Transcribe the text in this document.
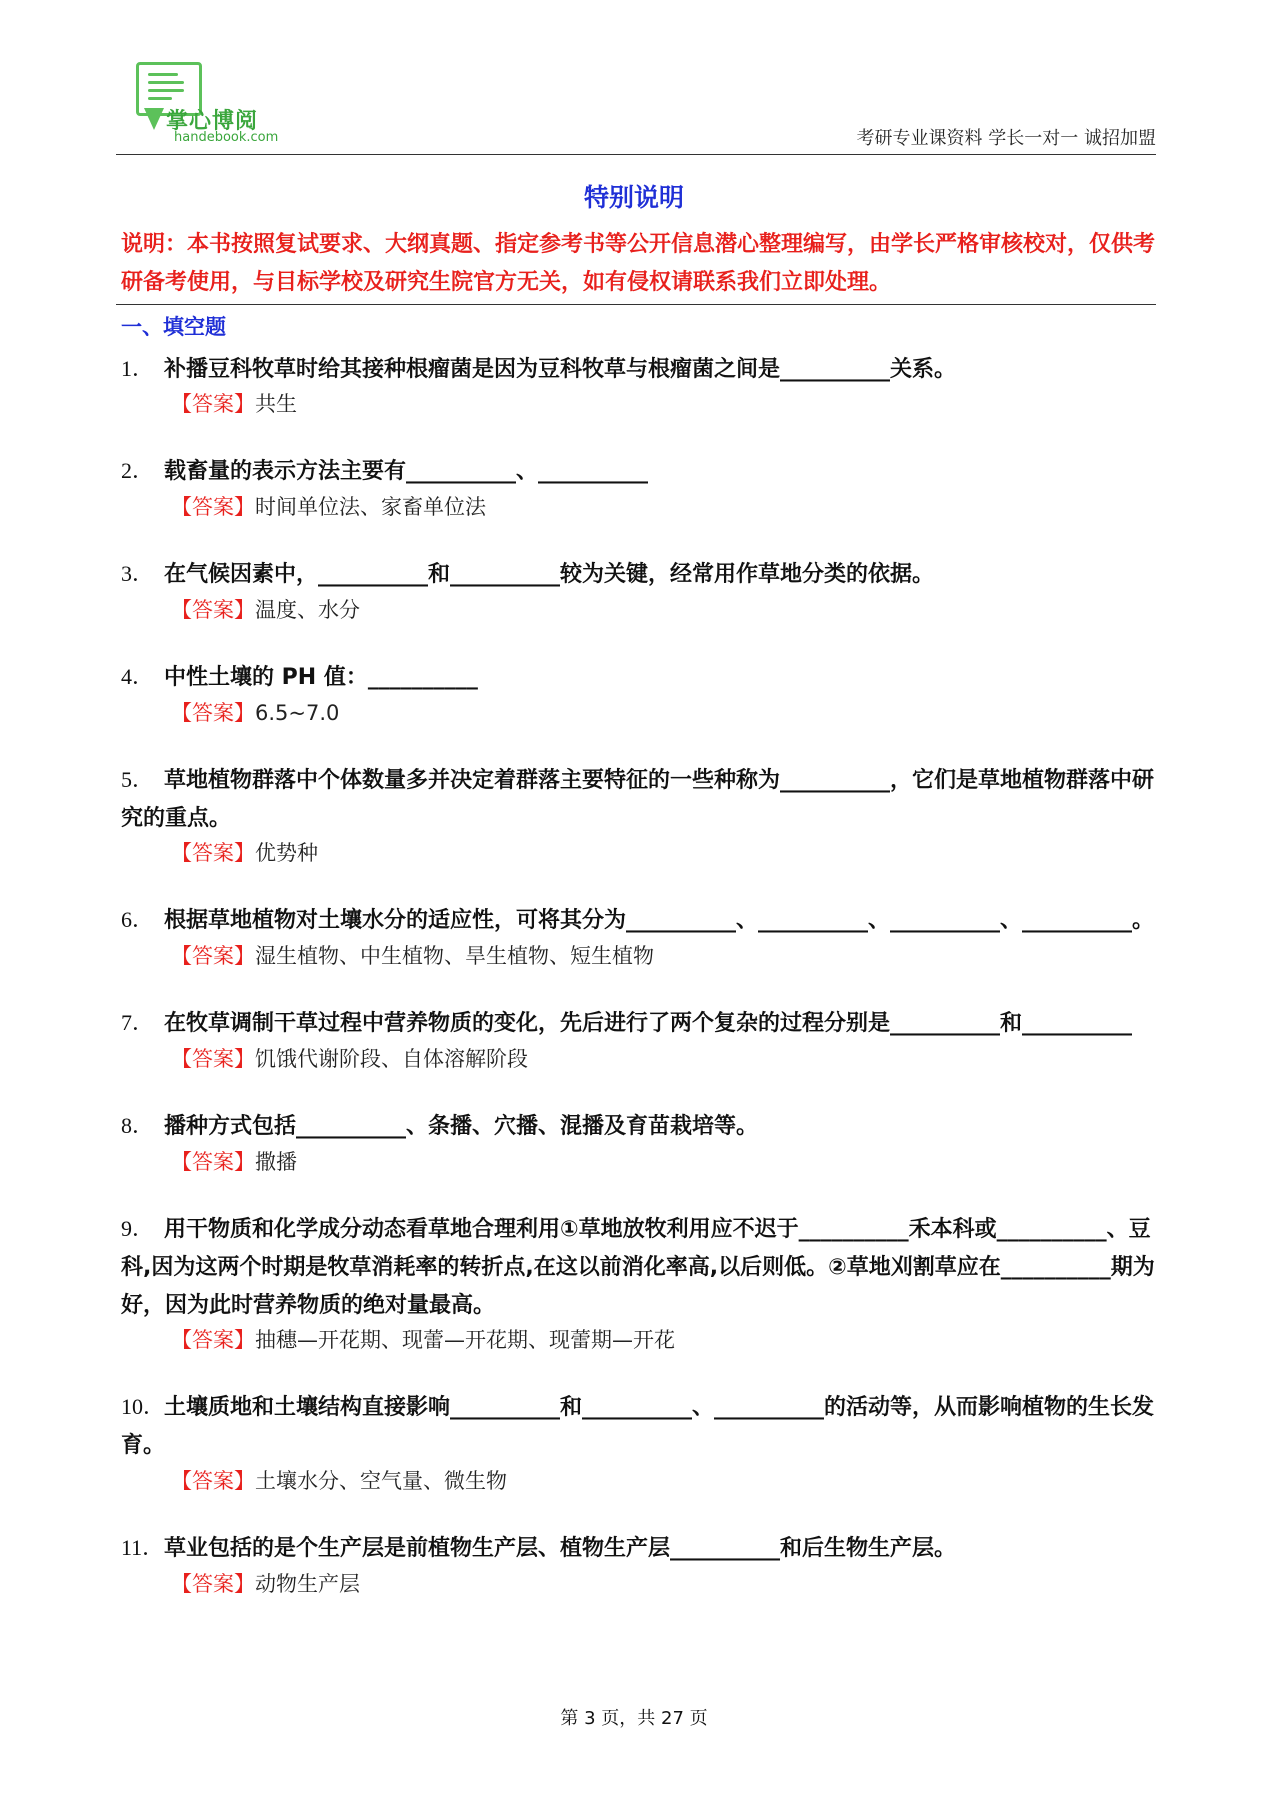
掌心博阅
handebook.com	考研专业课资料 学长一对一 诚招加盟
特别说明
说明：本书按照复试要求、大纲真题、指定参考书等公开信息潜心整理编写，由学长严格审核校对，仅供考研备考使用，与目标学校及研究生院官方无关，如有侵权请联系我们立即处理。
一、填空题
1． 补播豆科牧草时给其接种根瘤菌是因为豆科牧草与根瘤菌之间是__________关系。
【答案】共生
2． 载畜量的表示方法主要有__________、__________
【答案】时间单位法、家畜单位法
3． 在气候因素中，__________和__________较为关键，经常用作草地分类的依据。
【答案】温度、水分
4． 中性土壤的 PH 值：__________
【答案】6.5~7.0
5． 草地植物群落中个体数量多并决定着群落主要特征的一些种称为__________，它们是草地植物群落中研究的重点。
【答案】优势种
6． 根据草地植物对土壤水分的适应性，可将其分为__________、__________、__________、__________。
【答案】湿生植物、中生植物、旱生植物、短生植物
7． 在牧草调制干草过程中营养物质的变化，先后进行了两个复杂的过程分别是__________和__________
【答案】饥饿代谢阶段、自体溶解阶段
8． 播种方式包括__________、条播、穴播、混播及育苗栽培等。
【答案】撒播
9． 用干物质和化学成分动态看草地合理利用①草地放牧利用应不迟于__________禾本科或__________、豆科,因为这两个时期是牧草消耗率的转折点,在这以前消化率高,以后则低。②草地刈割草应在__________期为好，因为此时营养物质的绝对量最高。
【答案】抽穗—开花期、现蕾—开花期、现蕾期—开花
10．土壤质地和土壤结构直接影响__________和__________、__________的活动等，从而影响植物的生长发育。
【答案】土壤水分、空气量、微生物
11．草业包括的是个生产层是前植物生产层、植物生产层__________和后生物生产层。
【答案】动物生产层
第 3 页，共 27 页
